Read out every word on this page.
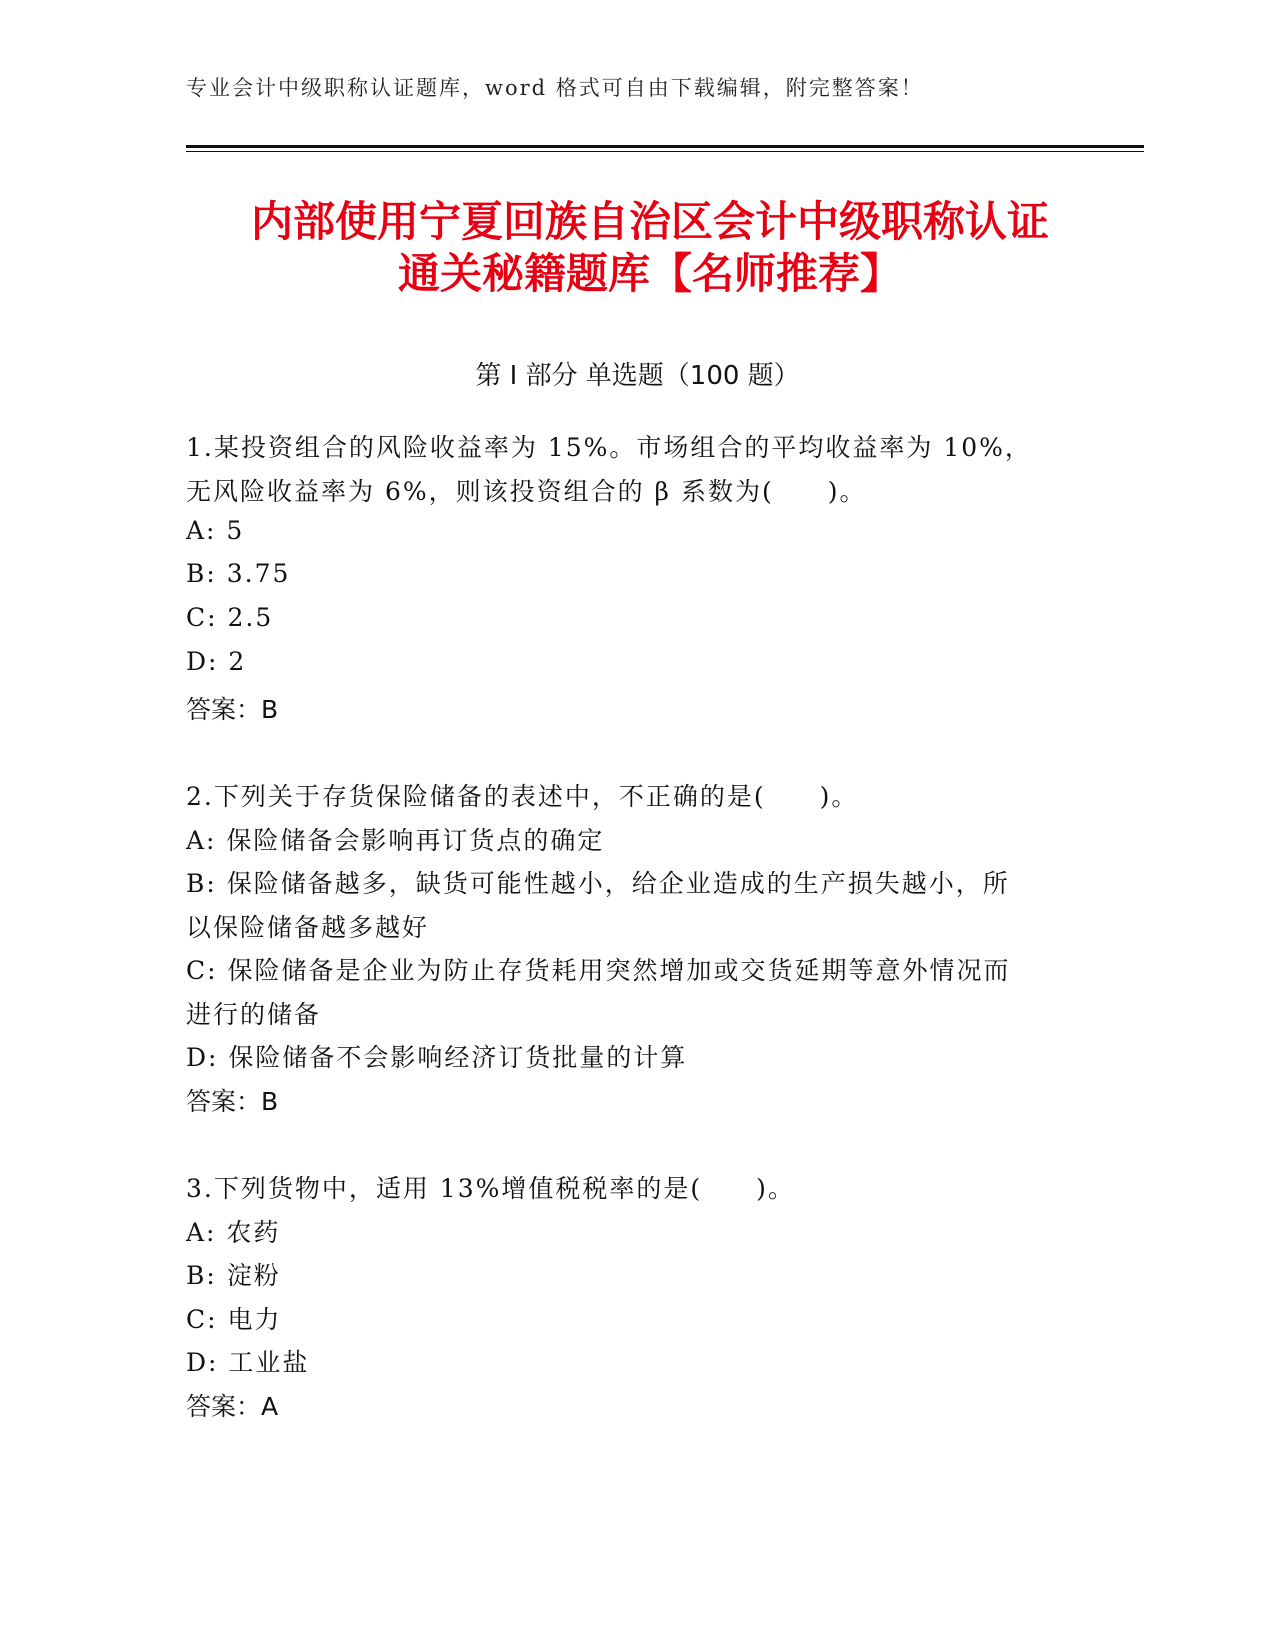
专业会计中级职称认证题库，word 格式可自由下载编辑，附完整答案！
内部使用宁夏回族自治区会计中级职称认证
通关秘籍题库【名师推荐】
第 I 部分 单选题（100 题）
1.某投资组合的风险收益率为 15%。市场组合的平均收益率为 10%，
无风险收益率为 6%，则该投资组合的 β 系数为(　　)。
A: 5
B: 3.75
C: 2.5
D: 2
答案：B
2.下列关于存货保险储备的表述中，不正确的是(　　)。
A: 保险储备会影响再订货点的确定
B: 保险储备越多，缺货可能性越小，给企业造成的生产损失越小，所
以保险储备越多越好
C: 保险储备是企业为防止存货耗用突然增加或交货延期等意外情况而
进行的储备
D: 保险储备不会影响经济订货批量的计算
答案：B
3.下列货物中，适用 13%增值税税率的是(　　)。
A: 农药
B: 淀粉
C: 电力
D: 工业盐
答案：A
